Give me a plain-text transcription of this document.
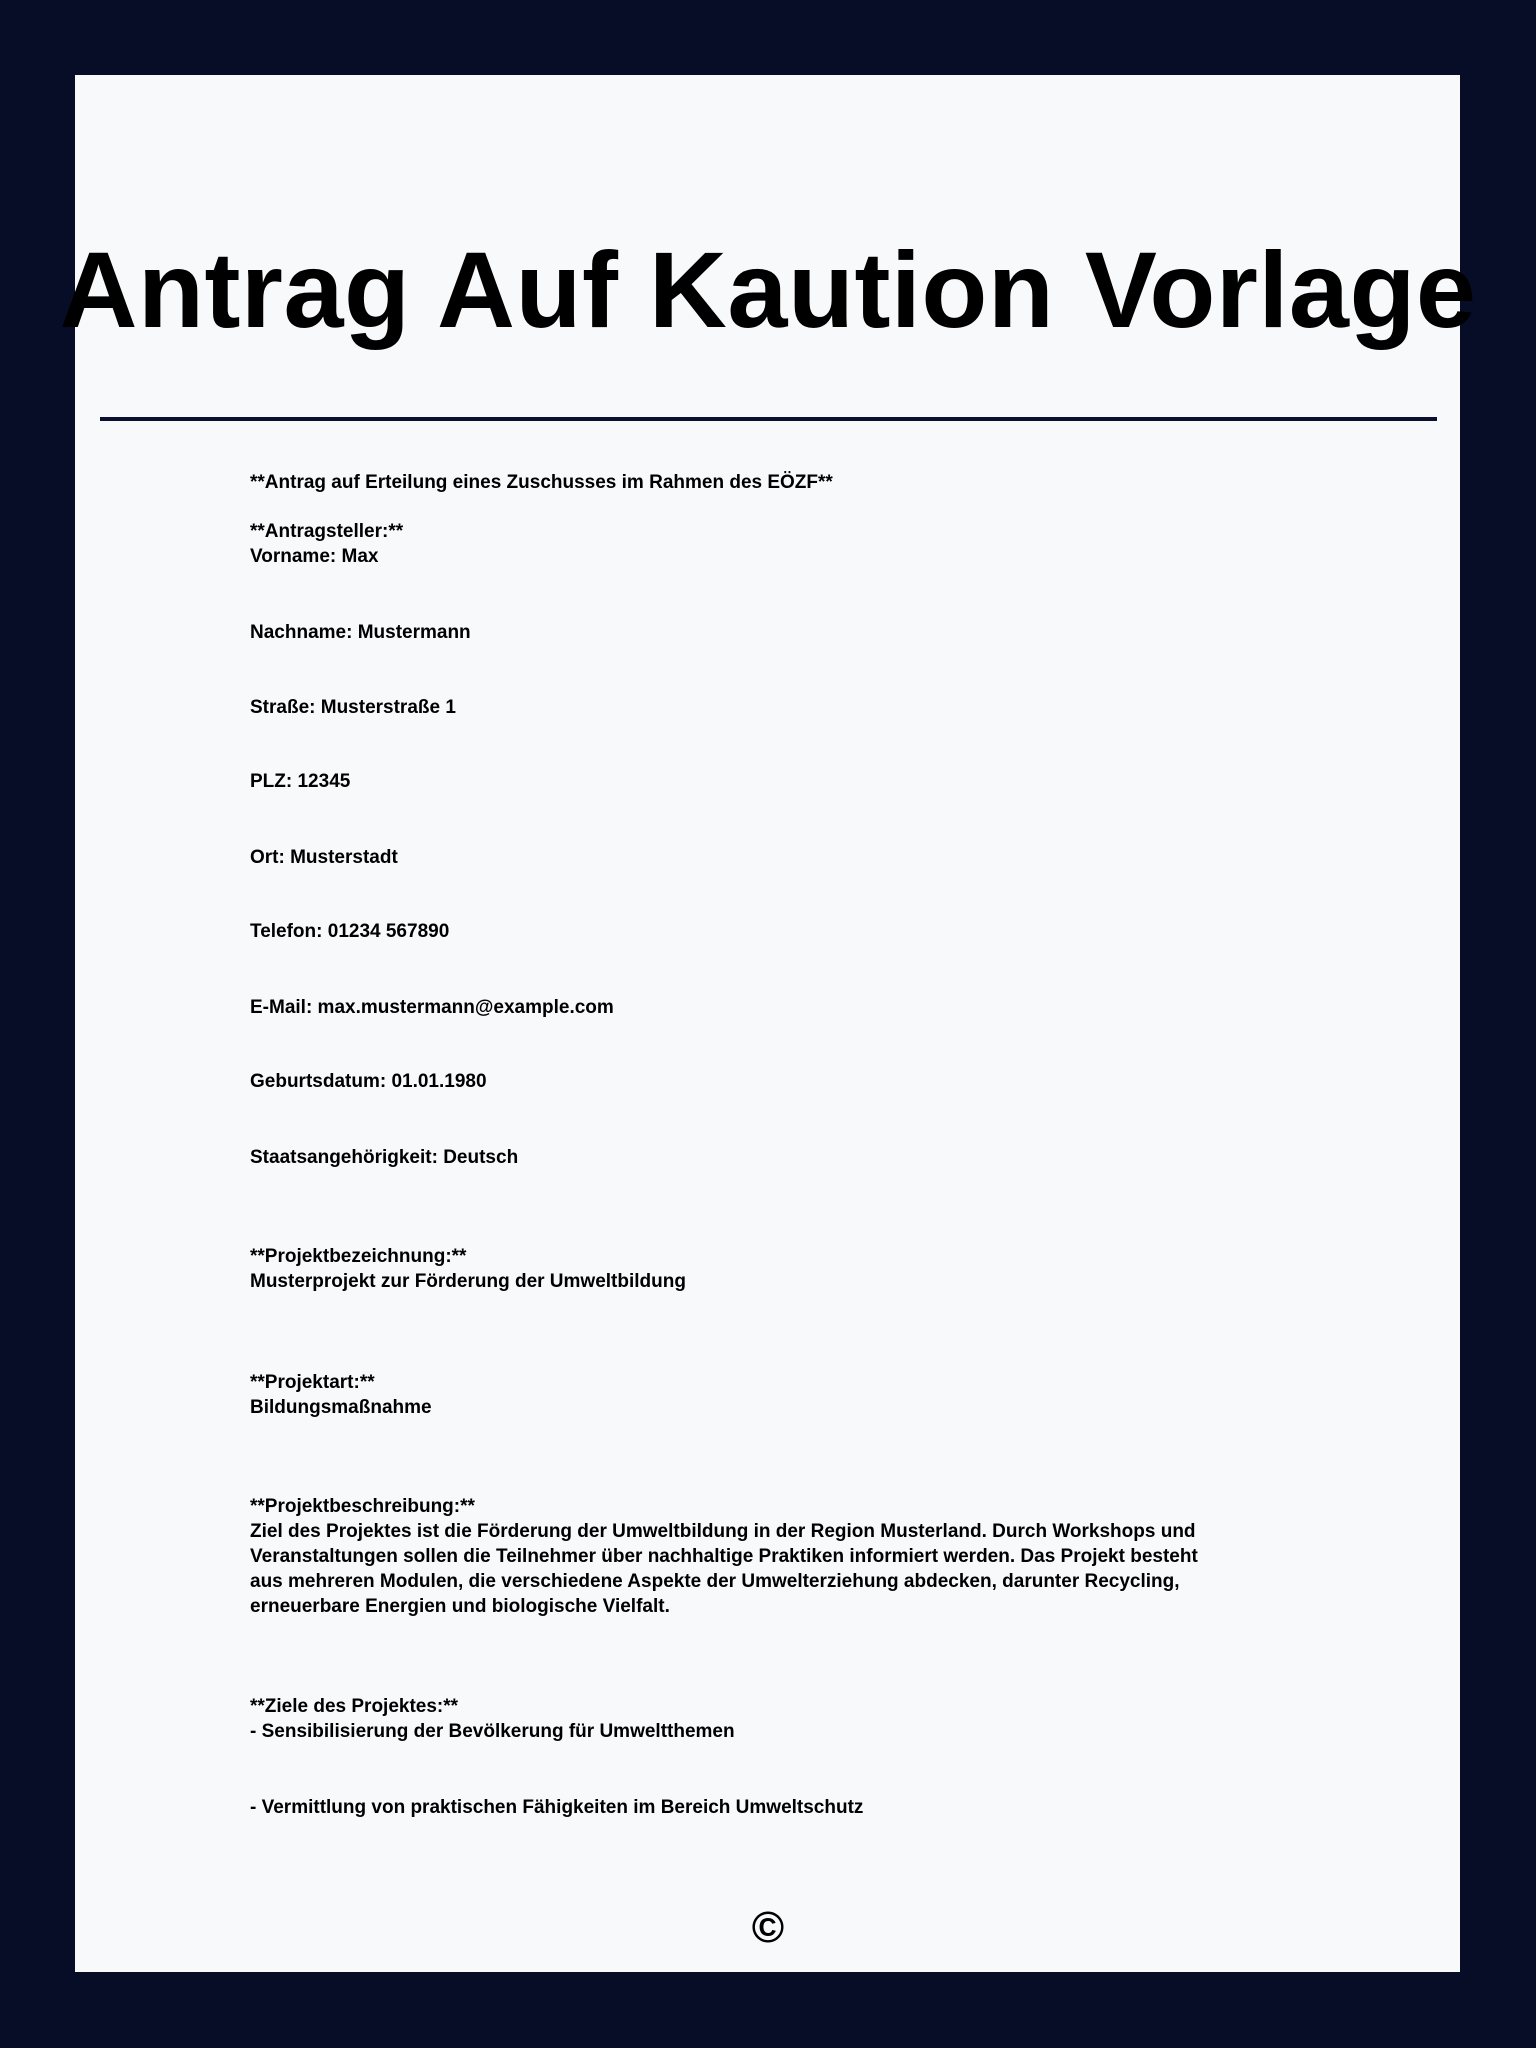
Antrag Auf Kaution Vorlage
**Antrag auf Erteilung eines Zuschusses im Rahmen des EÖZF**
**Antragsteller:**
Vorname: Max
Nachname: Mustermann
Straße: Musterstraße 1
PLZ: 12345
Ort: Musterstadt
Telefon: 01234 567890
E-Mail: max.mustermann@example.com
Geburtsdatum: 01.01.1980
Staatsangehörigkeit: Deutsch
**Projektbezeichnung:**
Musterprojekt zur Förderung der Umweltbildung
**Projektart:**
Bildungsmaßnahme
**Projektbeschreibung:**
Ziel des Projektes ist die Förderung der Umweltbildung in der Region Musterland. Durch Workshops und
Veranstaltungen sollen die Teilnehmer über nachhaltige Praktiken informiert werden. Das Projekt besteht
aus mehreren Modulen, die verschiedene Aspekte der Umwelterziehung abdecken, darunter Recycling,
erneuerbare Energien und biologische Vielfalt.
**Ziele des Projektes:**
- Sensibilisierung der Bevölkerung für Umweltthemen
- Vermittlung von praktischen Fähigkeiten im Bereich Umweltschutz
©
